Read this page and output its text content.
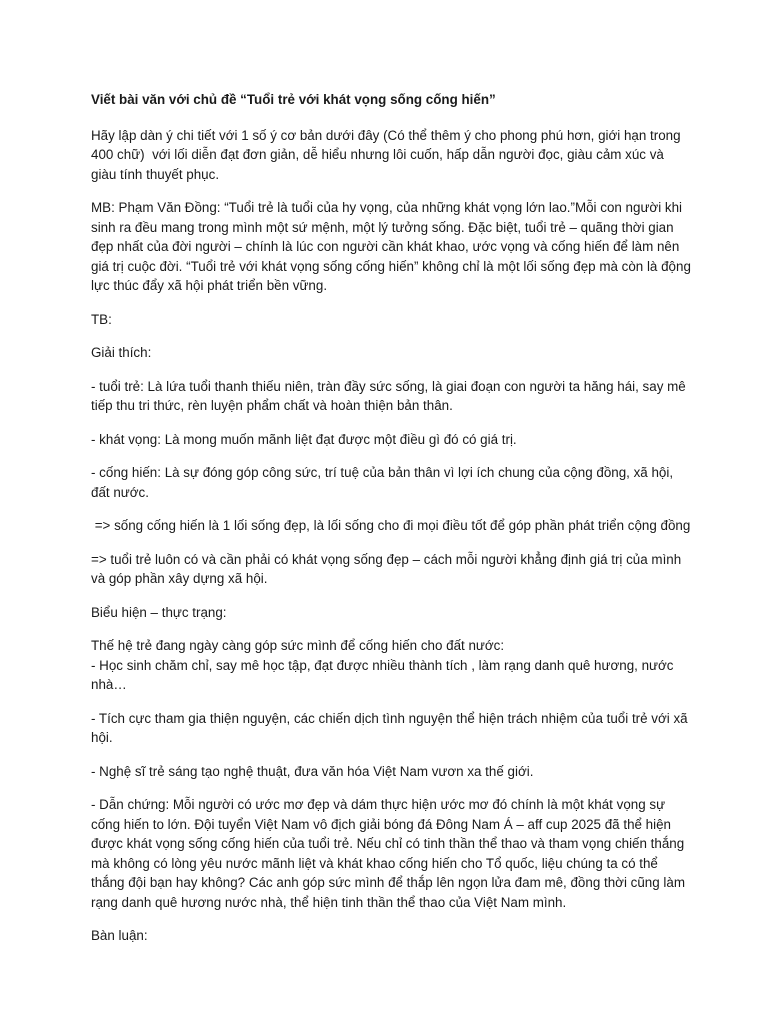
Viết bài văn với chủ đề “Tuổi trẻ với khát vọng sống cống hiến”

Hãy lập dàn ý chi tiết với 1 số ý cơ bản dưới đây (Có thể thêm ý cho phong phú hơn, giới hạn trong 400 chữ)  với lối diễn đạt đơn giản, dễ hiểu nhưng lôi cuốn, hấp dẫn người đọc, giàu cảm xúc và giàu tính thuyết phục.

MB: Phạm Văn Đồng: “Tuổi trẻ là tuổi của hy vọng, của những khát vọng lớn lao.”Mỗi con người khi sinh ra đều mang trong mình một sứ mệnh, một lý tưởng sống. Đặc biệt, tuổi trẻ – quãng thời gian đẹp nhất của đời người – chính là lúc con người cần khát khao, ước vọng và cống hiến để làm nên giá trị cuộc đời. “Tuổi trẻ với khát vọng sống cống hiến” không chỉ là một lối sống đẹp mà còn là động lực thúc đẩy xã hội phát triển bền vững.

TB:

Giải thích:

- tuổi trẻ: Là lứa tuổi thanh thiếu niên, tràn đầy sức sống, là giai đoạn con người ta hăng hái, say mê tiếp thu tri thức, rèn luyện phẩm chất và hoàn thiện bản thân.

- khát vọng: Là mong muốn mãnh liệt đạt được một điều gì đó có giá trị.

- cống hiến: Là sự đóng góp công sức, trí tuệ của bản thân vì lợi ích chung của cộng đồng, xã hội, đất nước.

=> sống cống hiến là 1 lối sống đẹp, là lối sống cho đi mọi điều tốt để góp phần phát triển cộng đồng

=> tuổi trẻ luôn có và cần phải có khát vọng sống đẹp – cách mỗi người khẳng định giá trị của mình và góp phần xây dựng xã hội.

Biểu hiện – thực trạng:

Thế hệ trẻ đang ngày càng góp sức mình để cống hiến cho đất nước:

- Học sinh chăm chỉ, say mê học tập, đạt được nhiều thành tích , làm rạng danh quê hương, nước nhà…

- Tích cực tham gia thiện nguyện, các chiến dịch tình nguyện thể hiện trách nhiệm của tuổi trẻ với xã hội.

- Nghệ sĩ trẻ sáng tạo nghệ thuật, đưa văn hóa Việt Nam vươn xa thế giới.

- Dẫn chứng: Mỗi người có ước mơ đẹp và dám thực hiện ước mơ đó chính là một khát vọng sự cống hiến to lớn. Đội tuyển Việt Nam vô địch giải bóng đá Đông Nam Á – aff cup 2025 đã thể hiện được khát vọng sống cống hiến của tuổi trẻ. Nếu chỉ có tinh thần thể thao và tham vọng chiến thắng mà không có lòng yêu nước mãnh liệt và khát khao cống hiến cho Tổ quốc, liệu chúng ta có thể thắng đội bạn hay không? Các anh góp sức mình để thắp lên ngọn lửa đam mê, đồng thời cũng làm rạng danh quê hương nước nhà, thể hiện tinh thần thể thao của Việt Nam mình.

Bàn luận:
